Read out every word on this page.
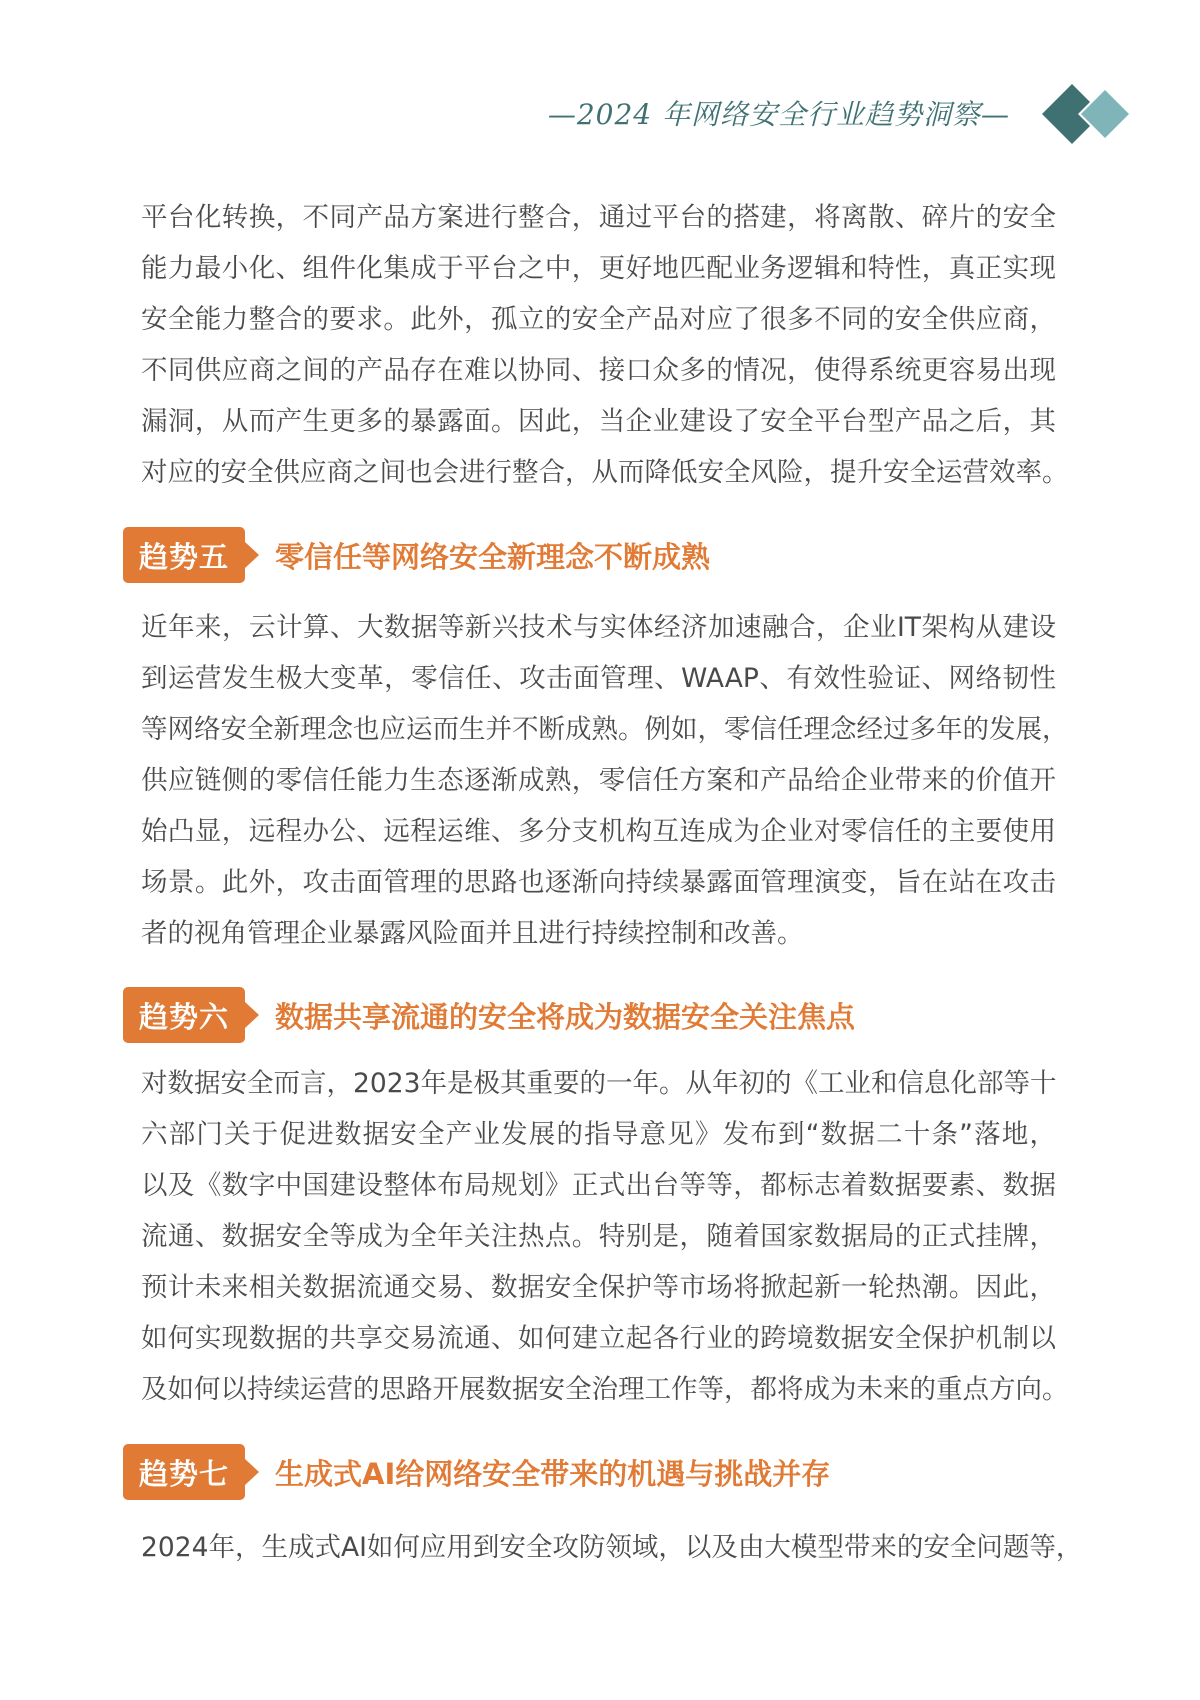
—2024 年网络安全行业趋势洞察—
平台化转换，不同产品方案进行整合，通过平台的搭建，将离散、碎片的安全
能力最小化、组件化集成于平台之中，更好地匹配业务逻辑和特性，真正实现
安全能力整合的要求。此外，孤立的安全产品对应了很多不同的安全供应商，
不同供应商之间的产品存在难以协同、接口众多的情况，使得系统更容易出现
漏洞，从而产生更多的暴露面。因此，当企业建设了安全平台型产品之后，其
对应的安全供应商之间也会进行整合，从而降低安全风险，提升安全运营效率。
趋势五	零信任等网络安全新理念不断成熟
近年来，云计算、大数据等新兴技术与实体经济加速融合，企业IT架构从建设
到运营发生极大变革，零信任、攻击面管理、WAAP、有效性验证、网络韧性
等网络安全新理念也应运而生并不断成熟。例如，零信任理念经过多年的发展，
供应链侧的零信任能力生态逐渐成熟，零信任方案和产品给企业带来的价值开
始凸显，远程办公、远程运维、多分支机构互连成为企业对零信任的主要使用
场景。此外，攻击面管理的思路也逐渐向持续暴露面管理演变，旨在站在攻击
者的视角管理企业暴露风险面并且进行持续控制和改善。
趋势六	数据共享流通的安全将成为数据安全关注焦点
对数据安全而言，2023年是极其重要的一年。从年初的《工业和信息化部等十
六部门关于促进数据安全产业发展的指导意见》发布到“数据二十条”落地，
以及《数字中国建设整体布局规划》正式出台等等，都标志着数据要素、数据
流通、数据安全等成为全年关注热点。特别是，随着国家数据局的正式挂牌，
预计未来相关数据流通交易、数据安全保护等市场将掀起新一轮热潮。因此，
如何实现数据的共享交易流通、如何建立起各行业的跨境数据安全保护机制以
及如何以持续运营的思路开展数据安全治理工作等，都将成为未来的重点方向。
趋势七	生成式AI给网络安全带来的机遇与挑战并存
2024年，生成式AI如何应用到安全攻防领域，以及由大模型带来的安全问题等，
